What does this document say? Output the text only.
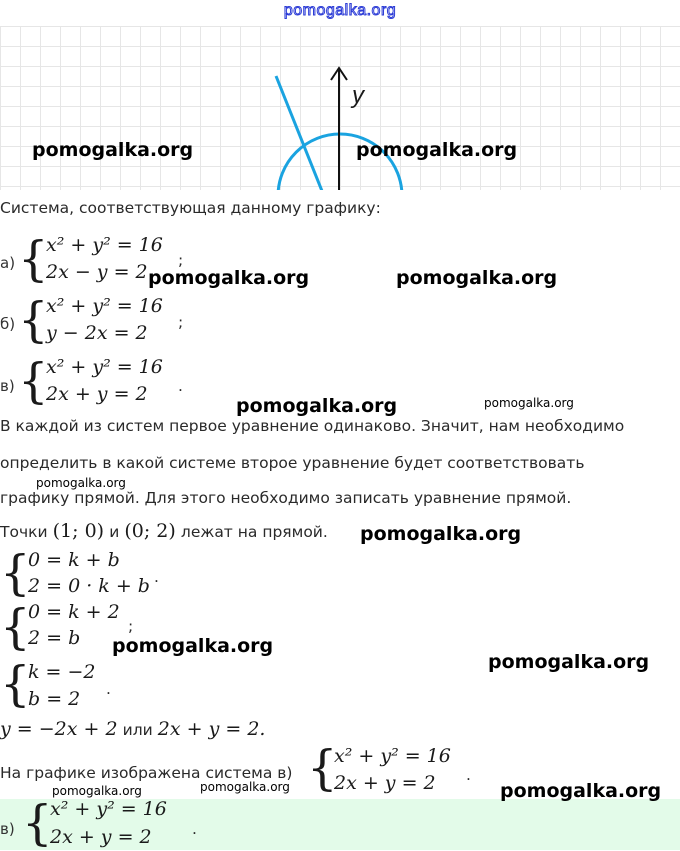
pomogalka.org
y
pomogalka.org	pomogalka.org
Система, соответствующая данному графику:
а) {
x² + y² = 16
2x − y = 2
;
pomogalka.org	pomogalka.org
б) {
x² + y² = 16
y − 2x = 2 ;
в) {
x² + y² = 16
2x + y = 2 .
pomogalka.org	pomogalka.org
В каждой из систем первое уравнение одинаково. Значит, нам необходимо
определить в какой системе второе уравнение будет соответствовать
графику прямой. Для этого необходимо записать уравнение прямой.
pomogalka.org
Точки (1; 0) и (0; 2) лежат на прямой. pomogalka.org
{
0 = k + b
2 = 0 · k + b .
{
0 = k + 2
2 = b
;
pomogalka.org
pomogalka.org
{
k = −2
b = 2 .
y = −2x + 2 или 2x + y = 2.
На графике изображена система в) {
x² + y² = 16
2x + y = 2 .
pomogalka.org
pomogalka.org	pomogalka.org
в) {
x² + y² = 16
2x + y = 2	.
